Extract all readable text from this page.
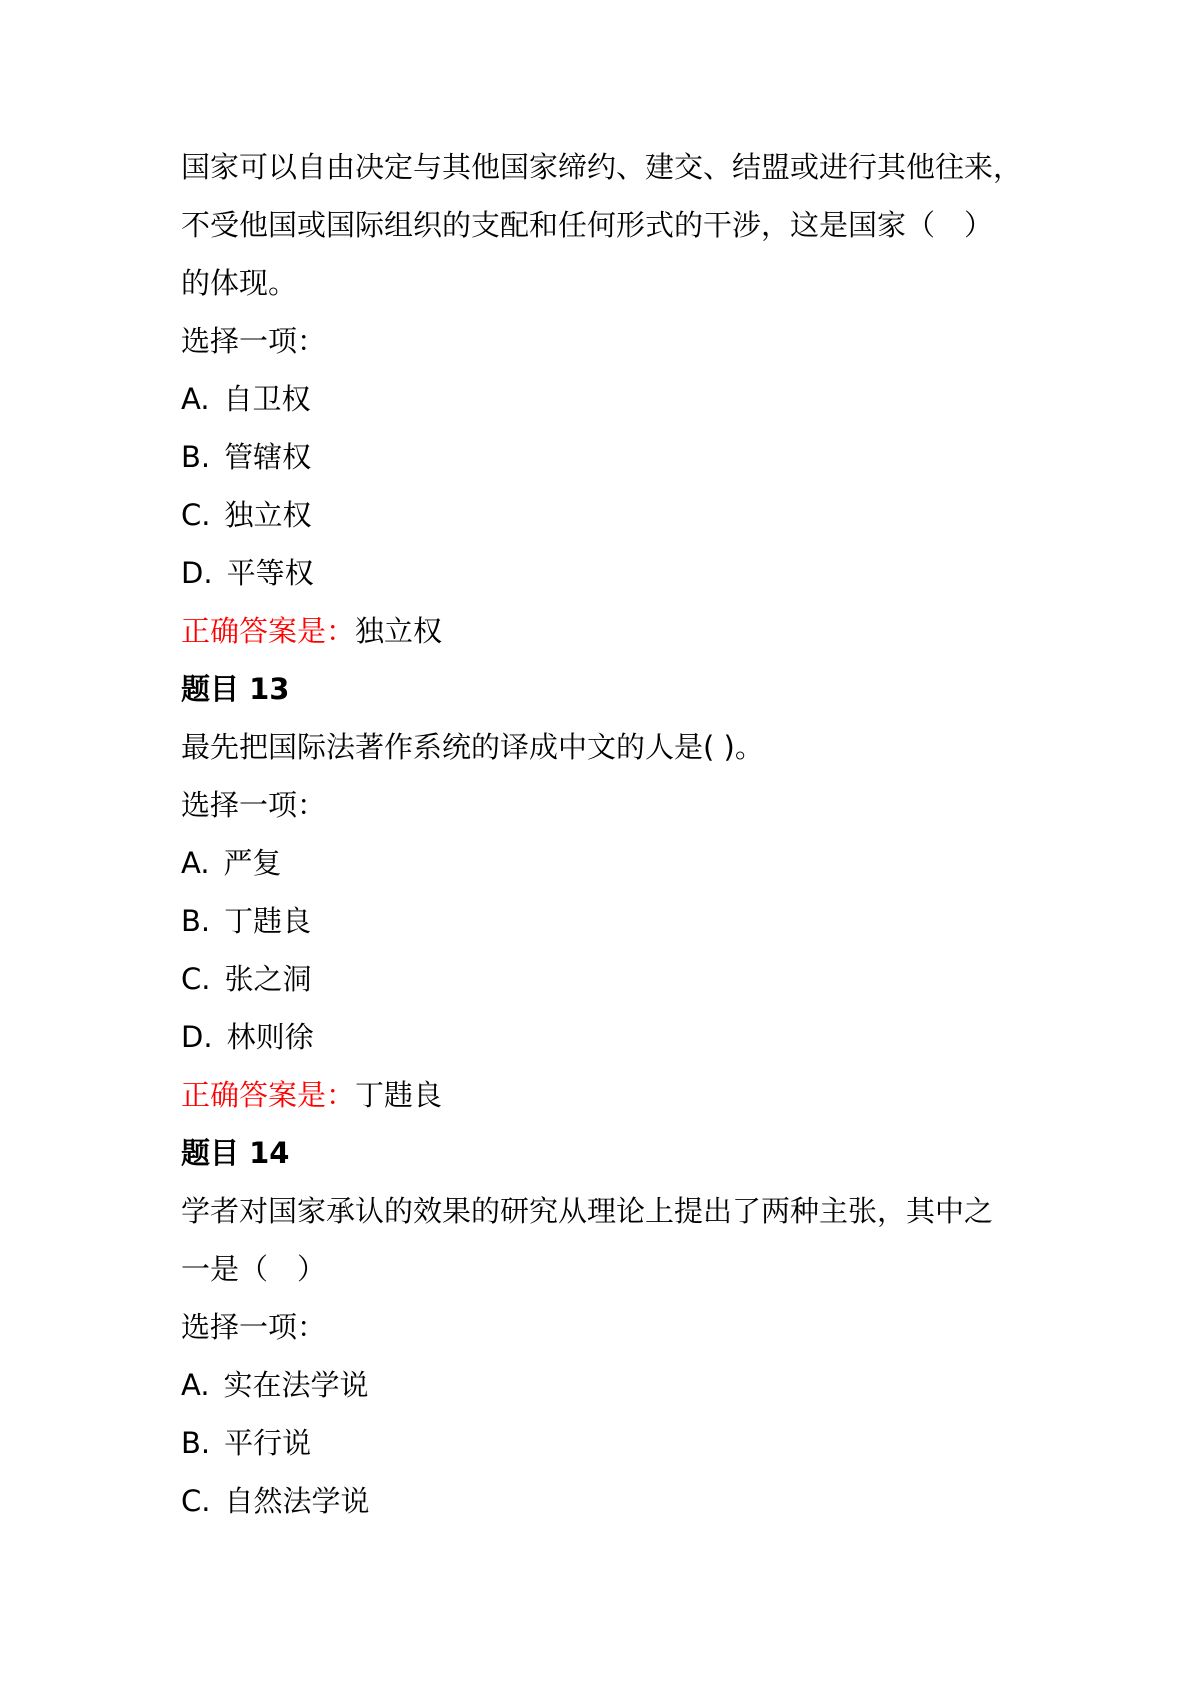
国家可以自由决定与其他国家缔约、建交、结盟或进行其他往来，
不受他国或国际组织的支配和任何形式的干涉，这是国家（　）
的体现。
选择一项：
A. 自卫权
B. 管辖权
C. 独立权
D. 平等权
正确答案是：独立权
题目 13
最先把国际法著作系统的译成中文的人是( )。
选择一项：
A. 严复
B. 丁韪良
C. 张之洞
D. 林则徐
正确答案是：丁韪良
题目 14
学者对国家承认的效果的研究从理论上提出了两种主张，其中之
一是（　）
选择一项：
A. 实在法学说
B. 平行说
C. 自然法学说
